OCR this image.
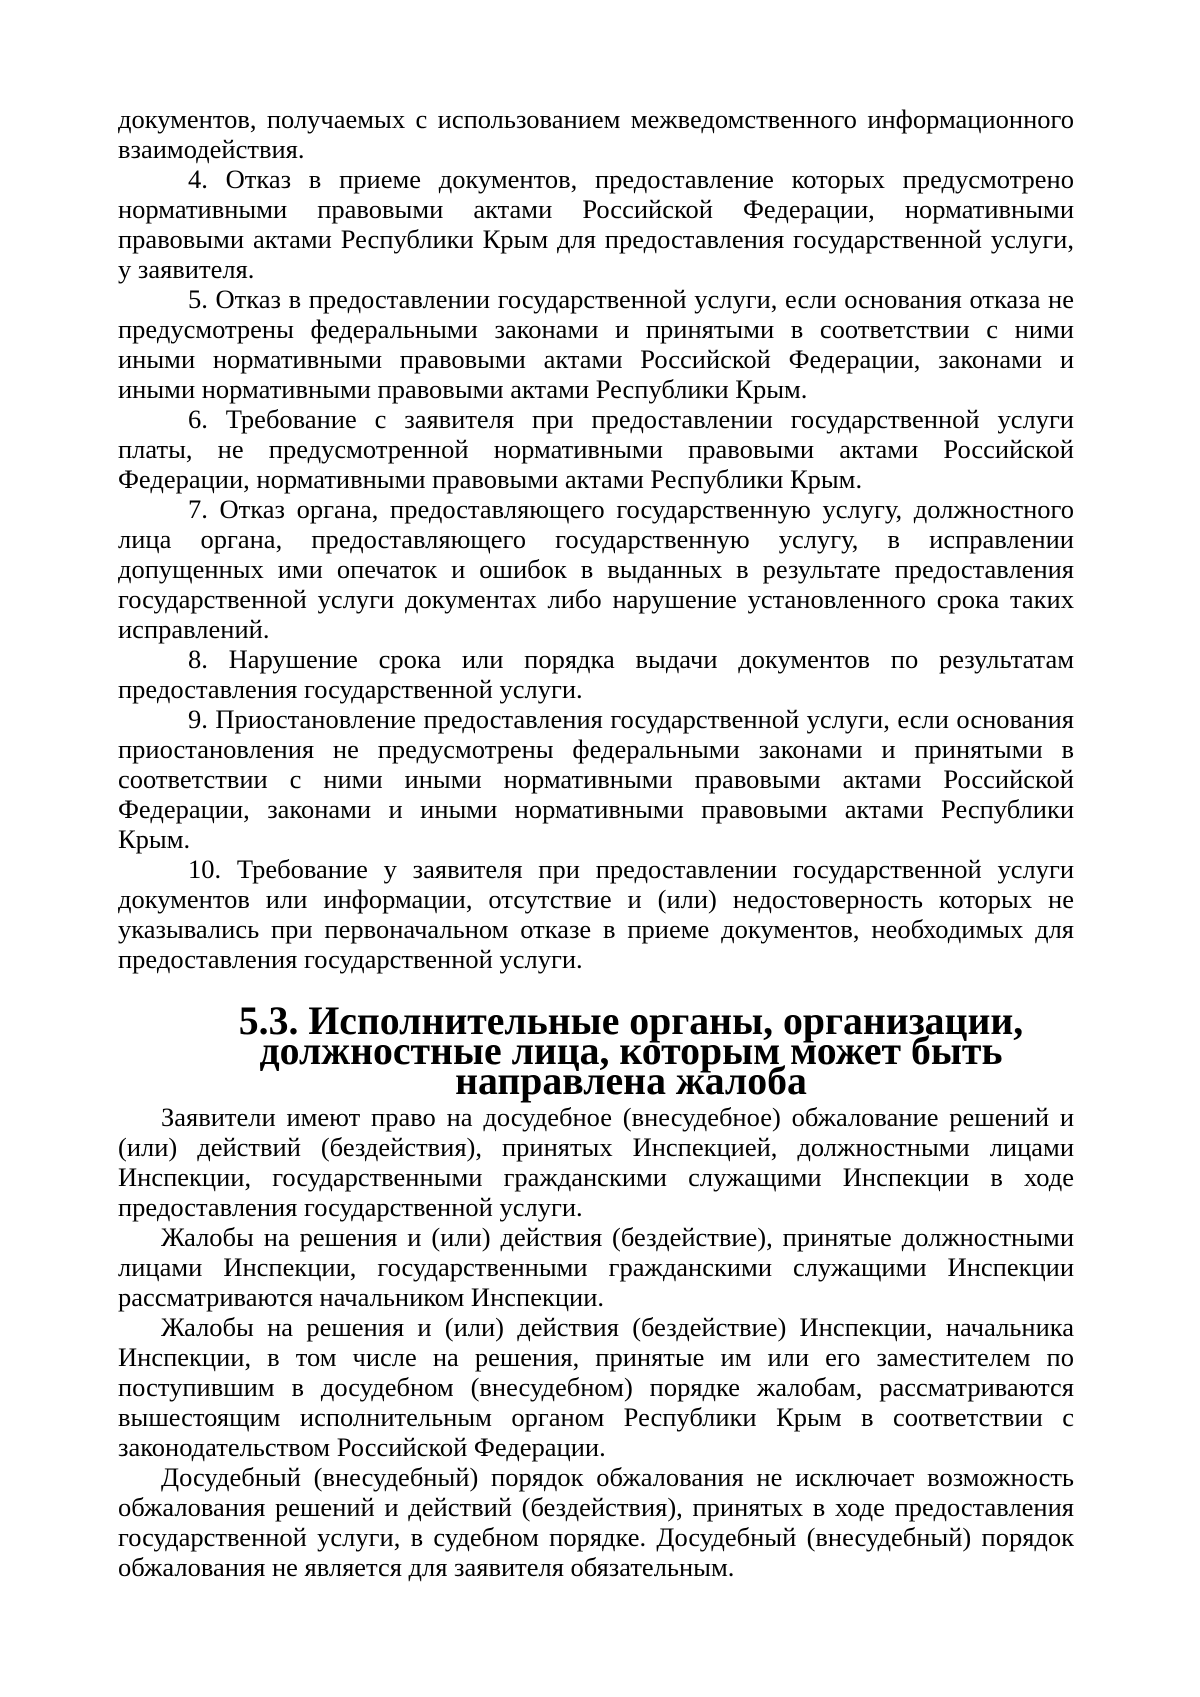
документов, получаемых с использованием межведомственного информационного взаимодействия.

4. Отказ в приеме документов, предоставление которых предусмотрено нормативными правовыми актами Российской Федерации, нормативными правовыми актами Республики Крым для предоставления государственной услуги, у заявителя.

5. Отказ в предоставлении государственной услуги, если основания отказа не предусмотрены федеральными законами и принятыми в соответствии с ними иными нормативными правовыми актами Российской Федерации, законами и иными нормативными правовыми актами Республики Крым.

6. Требование с заявителя при предоставлении государственной услуги платы, не предусмотренной нормативными правовыми актами Российской Федерации, нормативными правовыми актами Республики Крым.

7. Отказ органа, предоставляющего государственную услугу, должностного лица органа, предоставляющего государственную услугу, в исправлении допущенных ими опечаток и ошибок в выданных в результате предоставления государственной услуги документах либо нарушение установленного срока таких исправлений.

8. Нарушение срока или порядка выдачи документов по результатам предоставления государственной услуги.

9. Приостановление предоставления государственной услуги, если основания приостановления не предусмотрены федеральными законами и принятыми в соответствии с ними иными нормативными правовыми актами Российской Федерации, законами и иными нормативными правовыми актами Республики Крым.

10. Требование у заявителя при предоставлении государственной услуги документов или информации, отсутствие и (или) недостоверность которых не указывались при первоначальном отказе в приеме документов, необходимых для предоставления государственной услуги.

5.3. Исполнительные органы, организации, должностные лица, которым может быть направлена жалоба

Заявители имеют право на досудебное (внесудебное) обжалование решений и (или) действий (бездействия), принятых Инспекцией, должностными лицами Инспекции, государственными гражданскими служащими Инспекции в ходе предоставления государственной услуги.

Жалобы на решения и (или) действия (бездействие), принятые должностными лицами Инспекции, государственными гражданскими служащими Инспекции рассматриваются начальником Инспекции.

Жалобы на решения и (или) действия (бездействие) Инспекции, начальника Инспекции, в том числе на решения, принятые им или его заместителем по поступившим в досудебном (внесудебном) порядке жалобам, рассматриваются вышестоящим исполнительным органом Республики Крым в соответствии с законодательством Российской Федерации.

Досудебный (внесудебный) порядок обжалования не исключает возможность обжалования решений и действий (бездействия), принятых в ходе предоставления государственной услуги, в судебном порядке. Досудебный (внесудебный) порядок обжалования не является для заявителя обязательным.
